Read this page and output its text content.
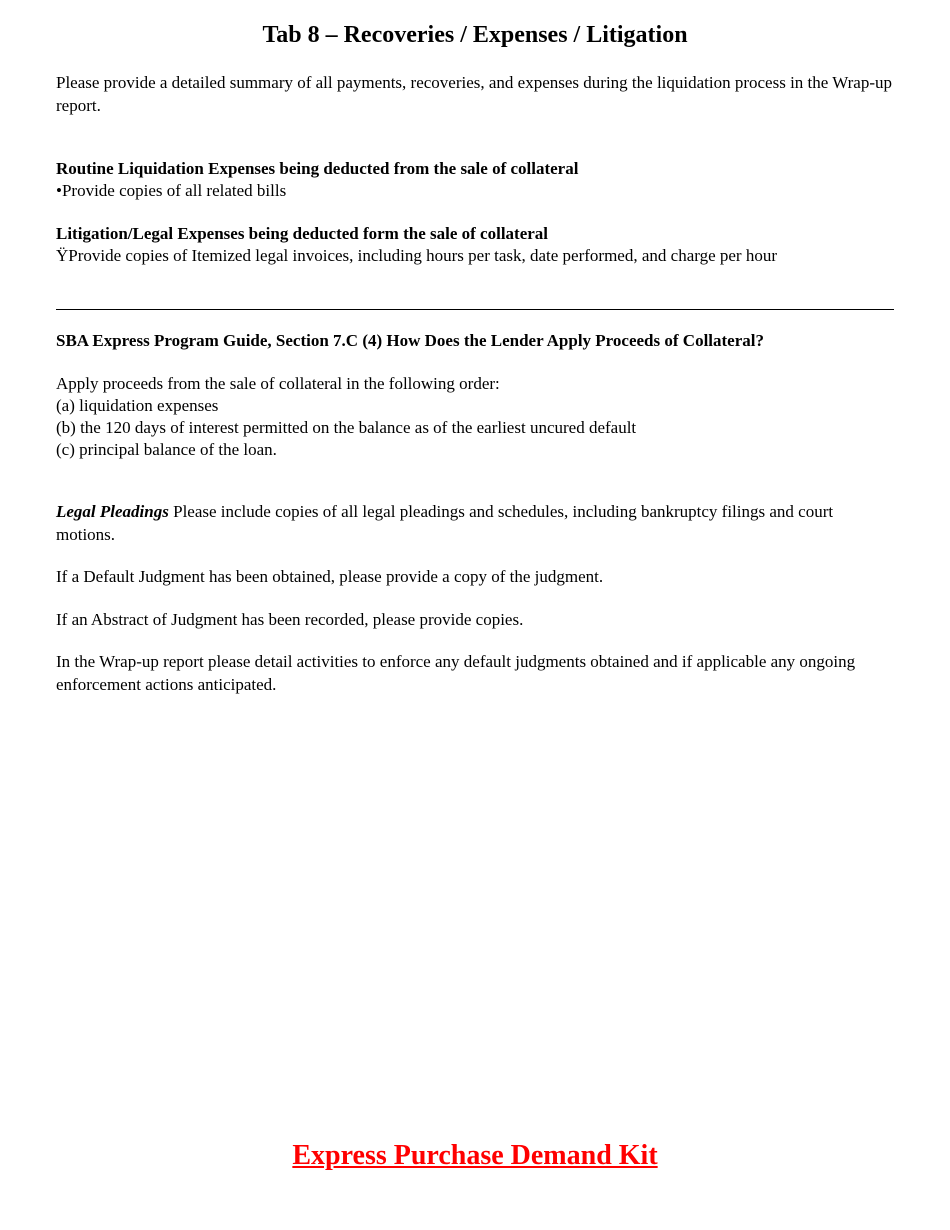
Tab 8 – Recoveries / Expenses / Litigation

Please provide a detailed summary of all payments, recoveries, and expenses during the liquidation process in the Wrap-up report.

Routine Liquidation Expenses being deducted from the sale of collateral

•Provide copies of all related bills

Litigation/Legal Expenses being deducted form the sale of collateral

ŸProvide copies of Itemized legal invoices, including hours per task, date performed, and charge per hour

SBA Express Program Guide, Section 7.C (4) How Does the Lender Apply Proceeds of Collateral?

Apply proceeds from the sale of collateral in the following order:

(a) liquidation expenses

(b) the 120 days of interest permitted on the balance as of the earliest uncured default

(c) principal balance of the loan.

Legal Pleadings Please include copies of all legal pleadings and schedules, including bankruptcy filings and court motions.

If a Default Judgment has been obtained, please provide a copy of the judgment.

If an Abstract of Judgment has been recorded, please provide copies.

In the Wrap-up report please detail activities to enforce any default judgments obtained and if applicable any ongoing enforcement actions anticipated.

Express Purchase Demand Kit
